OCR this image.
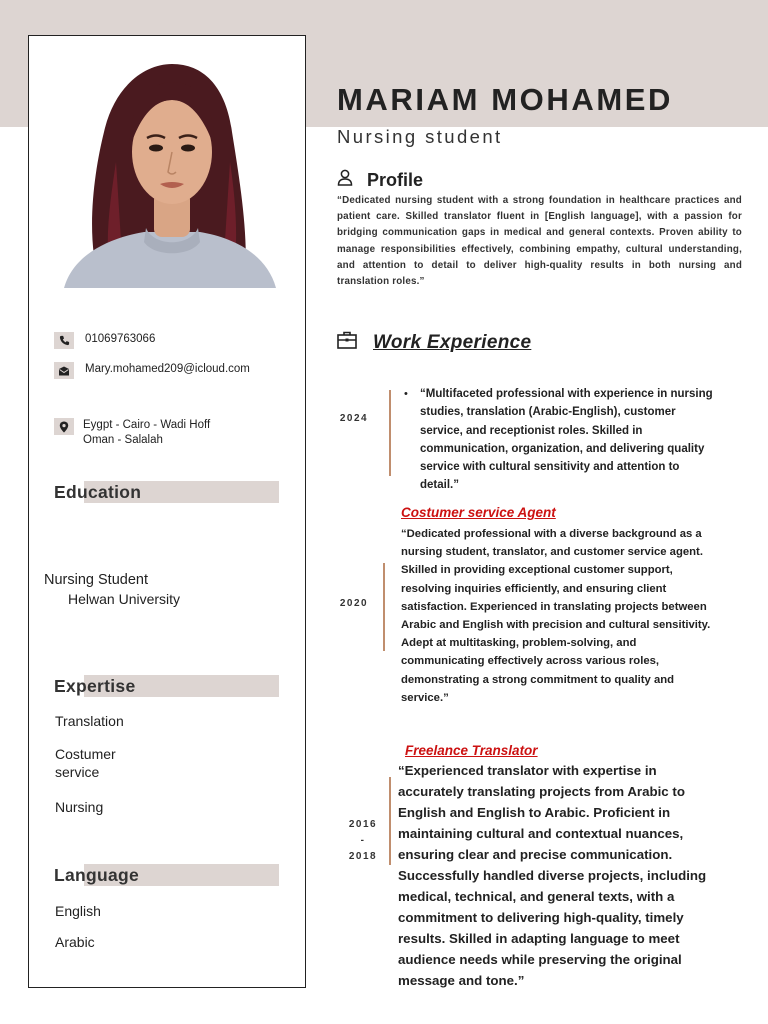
01069763066
Mary.mohamed209@icloud.com
Eygpt - Cairo - Wadi Hoff
Oman - Salalah
Education
Nursing Student
Helwan University
Expertise
Translation
Costumer
service
Nursing
Language
English
Arabic
MARIAM MOHAMED
Nursing student
Profile
“Dedicated nursing student with a strong foundation in healthcare practices and patient care. Skilled translator fluent in [English language], with a passion for bridging communication gaps in medical and general contexts. Proven ability to manage responsibilities effectively, combining empathy, cultural understanding, and attention to detail to deliver high-quality results in both nursing and translation roles.”
Work Experience
2024
• “Multifaceted professional with experience in nursing studies, translation (Arabic-English), customer service, and receptionist roles. Skilled in communication, organization, and delivering quality service with cultural sensitivity and attention to detail.”
Costumer service Agent
2020
“Dedicated professional with a diverse background as a nursing student, translator, and customer service agent. Skilled in providing exceptional customer support, resolving inquiries efficiently, and ensuring client satisfaction. Experienced in translating projects between Arabic and English with precision and cultural sensitivity. Adept at multitasking, problem-solving, and communicating effectively across various roles, demonstrating a strong commitment to quality and service.”
Freelance Translator
2016
-
2018
“Experienced translator with expertise in accurately translating projects from Arabic to English and English to Arabic. Proficient in maintaining cultural and contextual nuances, ensuring clear and precise communication. Successfully handled diverse projects, including medical, technical, and general texts, with a commitment to delivering high-quality, timely results. Skilled in adapting language to meet audience needs while preserving the original message and tone.”
